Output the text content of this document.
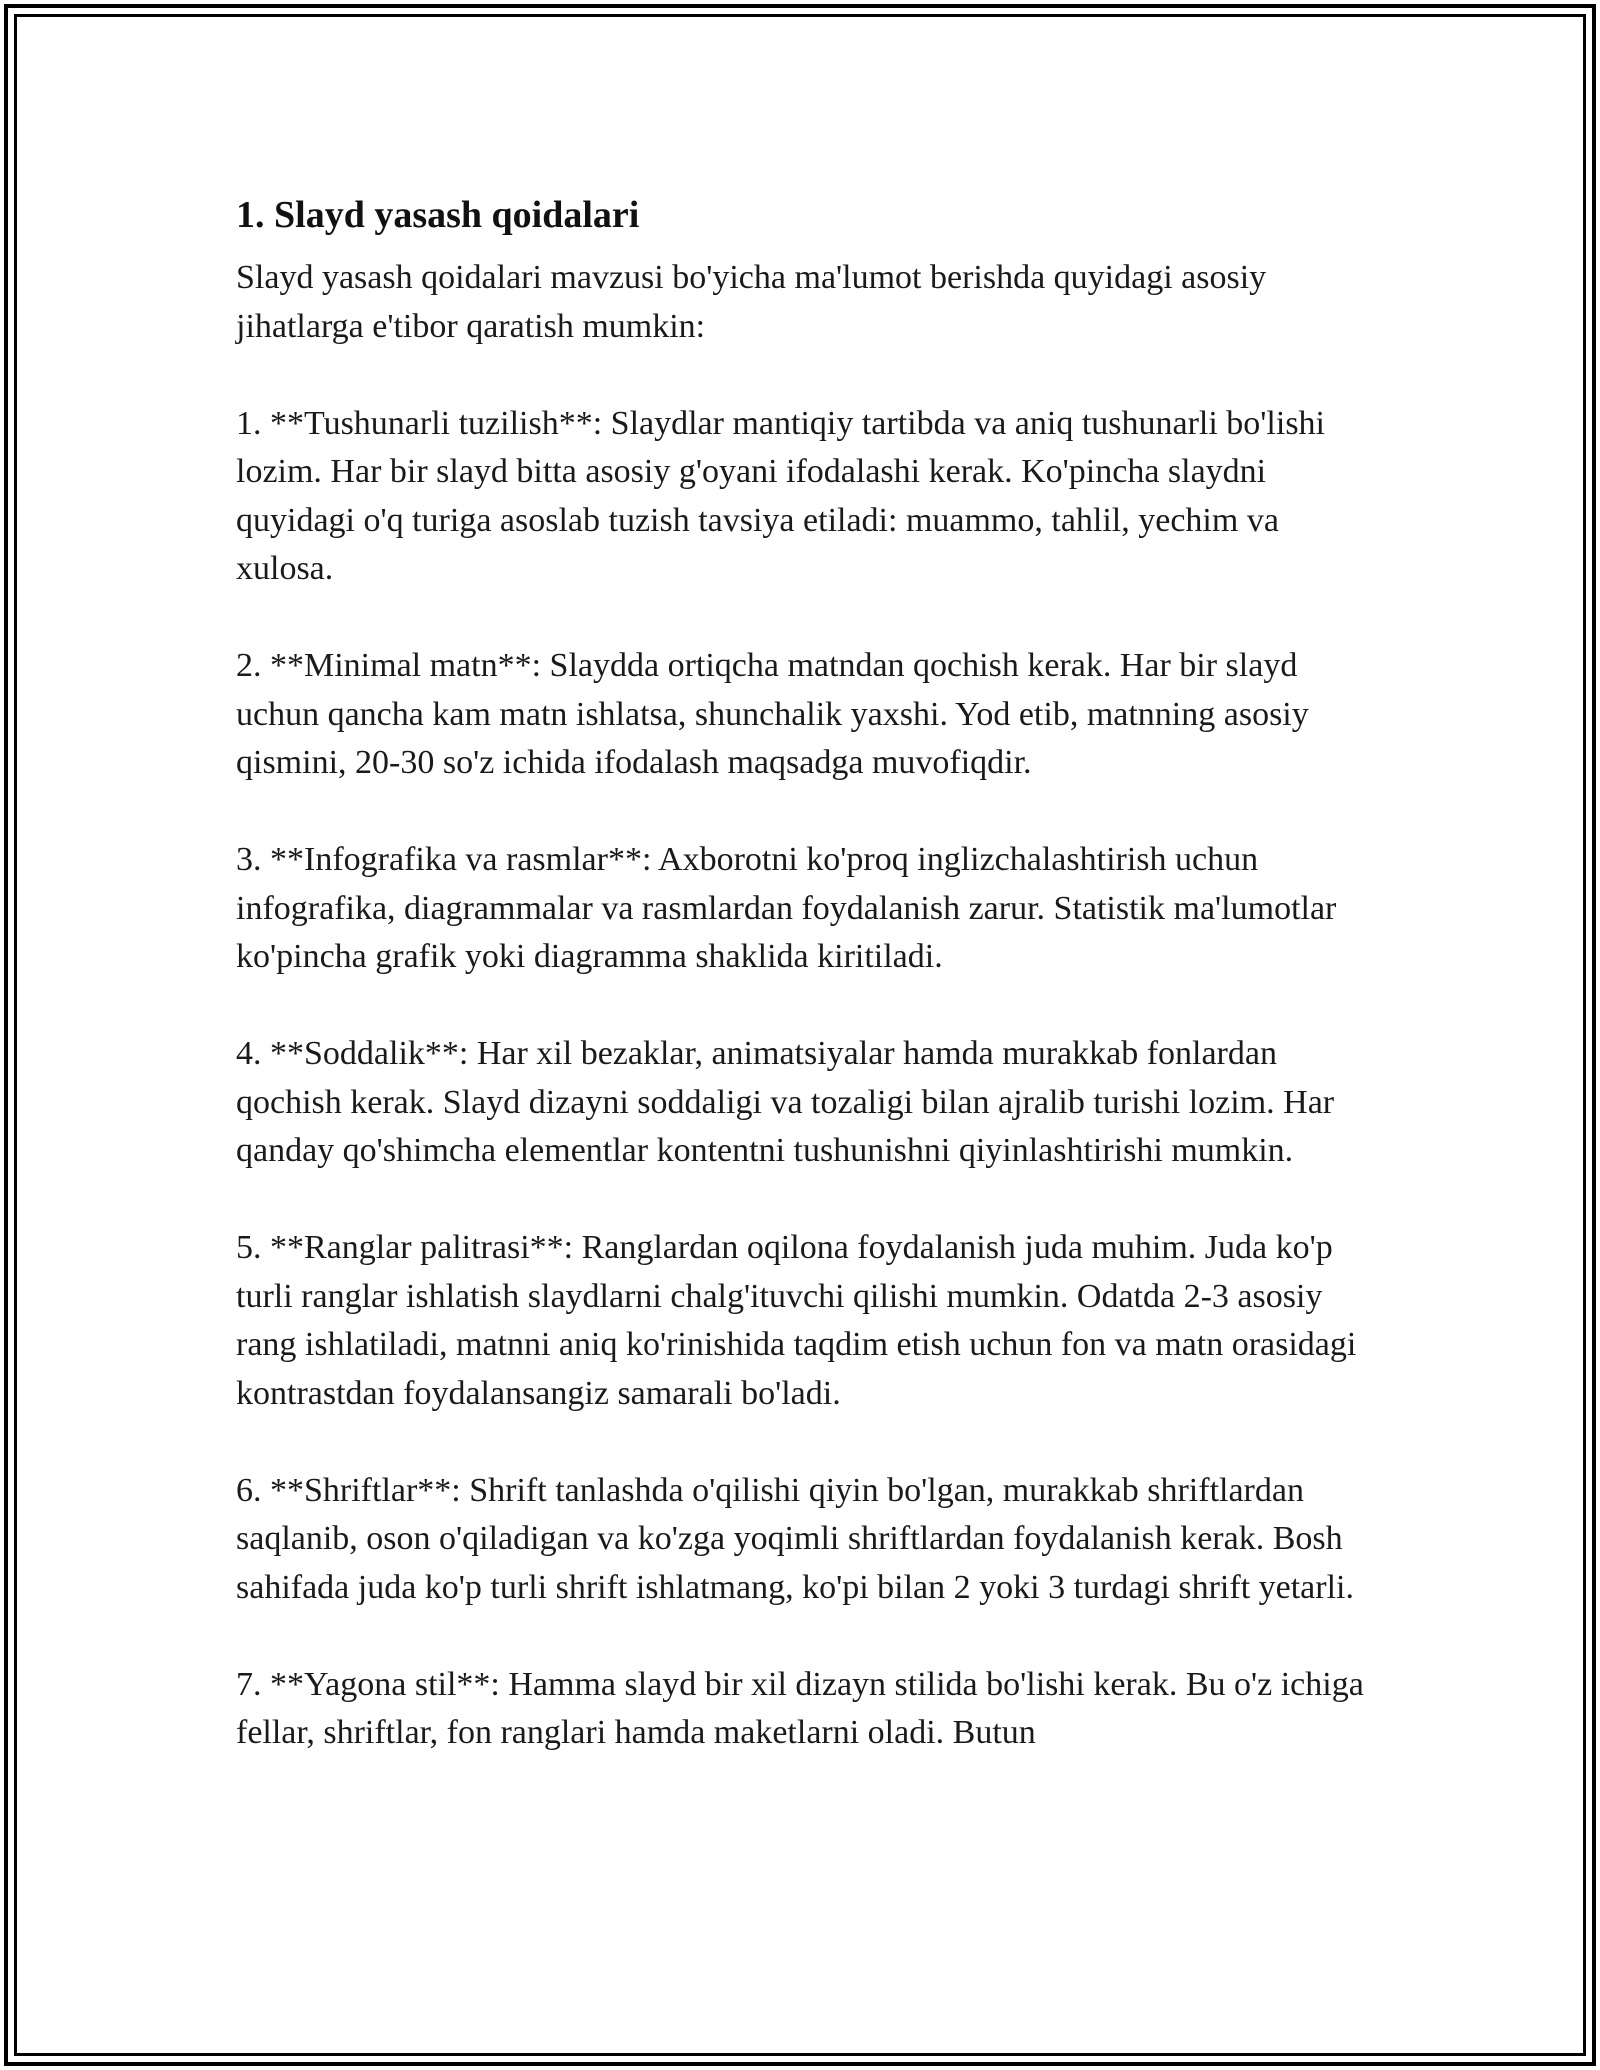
1. Slayd yasash qoidalari

Slayd yasash qoidalari mavzusi bo'yicha ma'lumot berishda quyidagi asosiy jihatlarga e'tibor qaratish mumkin:

1. **Tushunarli tuzilish**: Slaydlar mantiqiy tartibda va aniq tushunarli bo'lishi lozim. Har bir slayd bitta asosiy g'oyani ifodalashi kerak. Ko'pincha slaydni quyidagi o'q turiga asoslab tuzish tavsiya etiladi: muammo, tahlil, yechim va xulosa.

2. **Minimal matn**: Slaydda ortiqcha matndan qochish kerak. Har bir slayd uchun qancha kam matn ishlatsa, shunchalik yaxshi. Yod etib, matnning asosiy qismini, 20-30 so'z ichida ifodalash maqsadga muvofiqdir.

3. **Infografika va rasmlar**: Axborotni ko'proq inglizchalashtirish uchun infografika, diagrammalar va rasmlardan foydalanish zarur. Statistik ma'lumotlar ko'pincha grafik yoki diagramma shaklida kiritiladi.

4. **Soddalik**: Har xil bezaklar, animatsiyalar hamda murakkab fonlardan qochish kerak. Slayd dizayni soddaligi va tozaligi bilan ajralib turishi lozim. Har qanday qo'shimcha elementlar kontentni tushunishni qiyinlashtirishi mumkin.

5. **Ranglar palitrasi**: Ranglardan oqilona foydalanish juda muhim. Juda ko'p turli ranglar ishlatish slaydlarni chalg'ituvchi qilishi mumkin. Odatda 2-3 asosiy rang ishlatiladi, matnni aniq ko'rinishida taqdim etish uchun fon va matn orasidagi kontrastdan foydalansangiz samarali bo'ladi.

6. **Shriftlar**: Shrift tanlashda o'qilishi qiyin bo'lgan, murakkab shriftlardan saqlanib, oson o'qiladigan va ko'zga yoqimli shriftlardan foydalanish kerak. Bosh sahifada juda ko'p turli shrift ishlatmang, ko'pi bilan 2 yoki 3 turdagi shrift yetarli.

7. **Yagona stil**: Hamma slayd bir xil dizayn stilida bo'lishi kerak. Bu o'z ichiga fellar, shriftlar, fon ranglari hamda maketlarni oladi. Butun
